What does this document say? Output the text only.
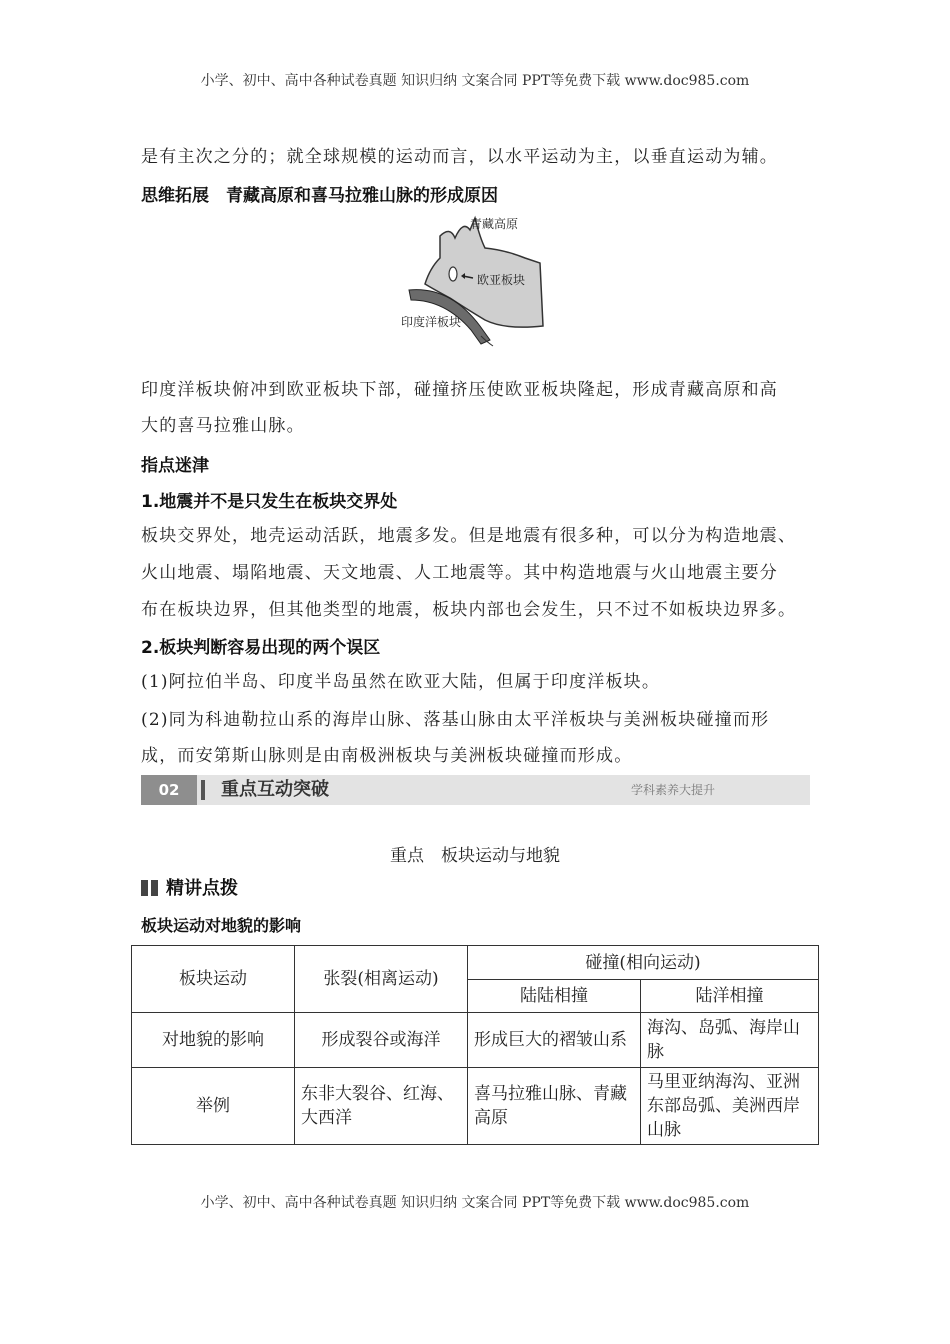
小学、初中、高中各种试卷真题 知识归纳 文案合同 PPT等免费下载 www.doc985.com
是有主次之分的；就全球规模的运动而言，以水平运动为主，以垂直运动为辅。
思维拓展　青藏高原和喜马拉雅山脉的形成原因
青藏高原
欧亚板块
印度洋板块
印度洋板块俯冲到欧亚板块下部，碰撞挤压使欧亚板块隆起，形成青藏高原和高
大的喜马拉雅山脉。
指点迷津
1.地震并不是只发生在板块交界处
板块交界处，地壳运动活跃，地震多发。但是地震有很多种，可以分为构造地震、
火山地震、塌陷地震、天文地震、人工地震等。其中构造地震与火山地震主要分
布在板块边界，但其他类型的地震，板块内部也会发生，只不过不如板块边界多。
2.板块判断容易出现的两个误区
(1)阿拉伯半岛、印度半岛虽然在欧亚大陆，但属于印度洋板块。
(2)同为科迪勒拉山系的海岸山脉、落基山脉由太平洋板块与美洲板块碰撞而形
成，而安第斯山脉则是由南极洲板块与美洲板块碰撞而形成。
02	重点互动突破	学科素养大提升
重点　板块运动与地貌
精讲点拨
板块运动对地貌的影响
板块运动	张裂(相离运动)	碰撞(相向运动)	
		陆陆相撞	陆洋相撞
对地貌的影响	形成裂谷或海洋	形成巨大的褶皱山系	海沟、岛弧、海岸山脉
举例	东非大裂谷、红海、大西洋	喜马拉雅山脉、青藏高原	马里亚纳海沟、亚洲东部岛弧、美洲西岸山脉
小学、初中、高中各种试卷真题 知识归纳 文案合同 PPT等免费下载 www.doc985.com
